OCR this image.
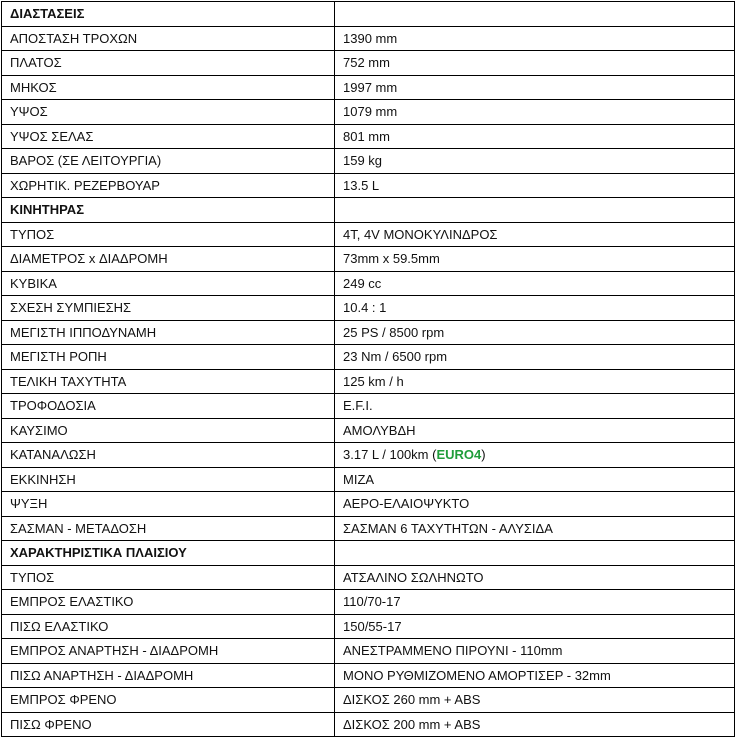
ΔΙΑΣΤΑΣΕΙΣ	
ΑΠΟΣΤΑΣΗ ΤΡΟΧΩΝ	1390 mm
ΠΛΑΤΟΣ	752 mm
ΜΗΚΟΣ	1997 mm
ΥΨΟΣ	1079 mm
ΥΨΟΣ ΣΕΛΑΣ	801 mm
ΒΑΡΟΣ (ΣΕ ΛΕΙΤΟΥΡΓΙΑ)	159 kg
ΧΩΡΗΤΙΚ. ΡΕΖΕΡΒΟΥΑΡ	13.5 L
ΚΙΝΗΤΗΡΑΣ	
ΤΥΠΟΣ	4T, 4V ΜΟΝΟΚΥΛΙΝΔΡΟΣ
ΔΙΑΜΕΤΡΟΣ x ΔΙΑΔΡΟΜΗ	73mm x 59.5mm
ΚΥΒΙΚΑ	249 cc
ΣΧΕΣΗ ΣΥΜΠΙΕΣΗΣ	10.4 : 1
ΜΕΓΙΣΤΗ ΙΠΠΟΔΥΝΑΜΗ	25 PS / 8500 rpm
ΜΕΓΙΣΤΗ ΡΟΠΗ	23 Nm / 6500 rpm
ΤΕΛΙΚΗ ΤΑΧΥΤΗΤΑ	125 km / h
ΤΡΟΦΟΔΟΣΙΑ	E.F.I.
ΚΑΥΣΙΜΟ	ΑΜΟΛΥΒΔΗ
ΚΑΤΑΝΑΛΩΣΗ	3.17 L / 100km (EURO4)
ΕΚΚΙΝΗΣΗ	ΜΙΖΑ
ΨΥΞΗ	ΑΕΡΟ-ΕΛΑΙΟΨΥΚΤΟ
ΣΑΣΜΑΝ - ΜΕΤΑΔΟΣΗ	ΣΑΣΜΑΝ 6 ΤΑΧΥΤΗΤΩΝ - ΑΛΥΣΙΔΑ
ΧΑΡΑΚΤΗΡΙΣΤΙΚΑ ΠΛΑΙΣΙΟΥ	
ΤΥΠΟΣ	ΑΤΣΑΛΙΝΟ ΣΩΛΗΝΩΤΟ
ΕΜΠΡΟΣ ΕΛΑΣΤΙΚΟ	110/70-17
ΠΙΣΩ ΕΛΑΣΤΙΚΟ	150/55-17
ΕΜΠΡΟΣ ΑΝΑΡΤΗΣΗ - ΔΙΑΔΡΟΜΗ	ΑΝΕΣΤΡΑΜΜΕΝΟ ΠΙΡΟΥΝΙ - 110mm
ΠΙΣΩ ΑΝΑΡΤΗΣΗ - ΔΙΑΔΡΟΜΗ	ΜΟΝΟ ΡΥΘΜΙΖΟΜΕΝΟ ΑΜΟΡΤΙΣΕΡ - 32mm
ΕΜΠΡΟΣ ΦΡΕΝΟ	ΔΙΣΚΟΣ 260 mm + ABS
ΠΙΣΩ ΦΡΕΝΟ	ΔΙΣΚΟΣ 200 mm + ABS
